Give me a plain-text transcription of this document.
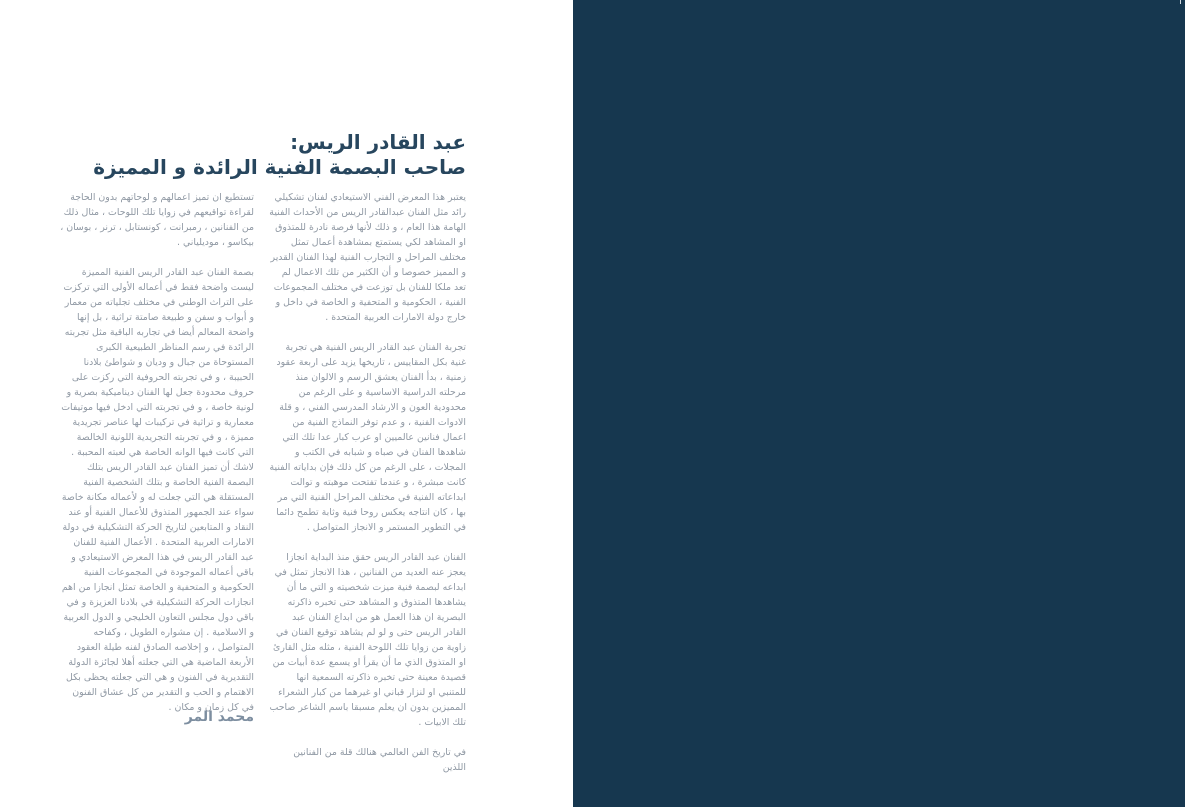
عبد القادر الريس:
صاحب البصمة الفنية الرائدة و المميزة

يعتبر هذا المعرض الفني الاستيعادي لفنان تشكيلي رائد مثل الفنان عبدالقادر الريس من الأحداث الفنية الهامة هذا العام ، و ذلك لأنها فرصة نادرة للمتذوق او المشاهد لكي يستمتع بمشاهدة أعمال تمثل مختلف المراحل و التجارب الفنية لهذا الفنان القدير و المميز خصوصا و أن الكثير من تلك الاعمال لم تعد ملكا للفنان بل توزعت في مختلف المجموعات الفنية ، الحكومية و المتحفية و الخاصة في داخل و خارج دولة الامارات العربية المتحدة .

تجربة الفنان عبد القادر الريس الفنية هي تجربة غنية بكل المقاييس ، تاريخها يزيد على اربعة عقود زمنية ، بدأ الفنان يعشق الرسم و الالوان منذ مرحلته الدراسية الاساسية و على الرغم من محدودية العون و الارشاد المدرسي الفني ، و قلة الادوات الفنية ، و عدم توفر النماذج الفنية من اعمال فنانين عالميين او عرب كبار عدا تلك التي شاهدها الفنان في صباه و شبابه في الكتب و المجلات ، على الرغم من كل ذلك فإن بداياته الفنية كانت مبشرة ، و عندما تفتحت موهبته و توالت ابداعاته الفنية في مختلف المراحل الفنية التي مر بها ، كان انتاجه يعكس روحا فنية وثابة تطمح دائما في التطوير المستمر و الانجاز المتواصل .

الفنان عبد القادر الريس حقق منذ البداية انجازا يعجز عنه العديد من الفنانين ، هذا الانجاز تمثل في ابداعه لبصمة فنية ميزت شخصيته و التي ما أن يشاهدها المتذوق و المشاهد حتى تخبره ذاكرته البصرية ان هذا العمل هو من ابداع الفنان عبد القادر الريس حتى و لو لم يشاهد توقيع الفنان في زاوية من زوايا تلك اللوحة الفنية ، مثله مثل القارئ او المتذوق الذي ما أن يقرأ او يسمع عدة أبيات من قصيدة معينة حتى تخبره ذاكرته السمعية انها للمتنبي او لنزار قباني او غيرهما من كبار الشعراء المميزين بدون ان يعلم مسبقا باسم الشاعر صاحب تلك الابيات .

في تاريخ الفن العالمي هنالك قلة من الفنانين اللذين

تستطيع ان تميز اعمالهم و لوحاتهم بدون الحاجة لقراءة تواقيعهم في زوايا تلك اللوحات ، مثال ذلك من الفنانين ، رمبرانت ، كونستابل ، ترنر ، بوسان ، بيكاسو ، موديلياني .

بصمة الفنان عبد القادر الريس الفنية المميزة ليست واضحة فقط في أعماله الأولى التي تركزت على التراث الوطني في مختلف تجلياته من معمار و أبواب و سفن و طبيعة صامتة تراثية ، بل إنها واضحة المعالم أيضا في تجاربه الباقية مثل تجربته الرائدة في رسم المناظر الطبيعية الكبرى المستوحاة من جبال و وديان و شواطئ بلادنا الحبيبة ، و في تجربته الحروفية التي ركزت على حروف محدودة جعل لها الفنان ديناميكية بصرية و لونية خاصة ، و في تجربته التي ادخل فيها موتيفات معمارية و تراثية في تركيبات لها عناصر تجريدية مميزة ، و في تجربته التجريدية اللونية الخالصة التي كانت فيها الوانه الخاصة هي لعبته المحببة . لاشك أن تميز الفنان عبد القادر الريس بتلك البصمة الفنية الخاصة و بتلك الشخصية الفنية المستقلة هي التي جعلت له و لأعماله مكانة خاصة سواء عند الجمهور المتذوق للأعمال الفنية أو عند النقاد و المتابعين لتاريخ الحركة التشكيلية في دولة الامارات العربية المتحدة . الأعمال الفنية للفنان عبد القادر الريس في هذا المعرض الاستيعادي و باقي أعماله الموجودة في المجموعات الفنية الحكومية و المتحفية و الخاصة تمثل انجازا من اهم انجازات الحركة التشكيلية في بلادنا العزيزة و في باقي دول مجلس التعاون الخليجي و الدول العربية و الاسلامية . إن مشواره الطويل ، وكفاحه المتواصل ، و إخلاصه الصادق لفنه طيلة العقود الأربعة الماضية هي التي جعلته أهلا لجائزة الدولة التقديرية في الفنون و هي التي جعلته يحظى بكل الاهتمام و الحب و التقدير من كل عشاق الفنون في كل زمان و مكان .

محمد المر
